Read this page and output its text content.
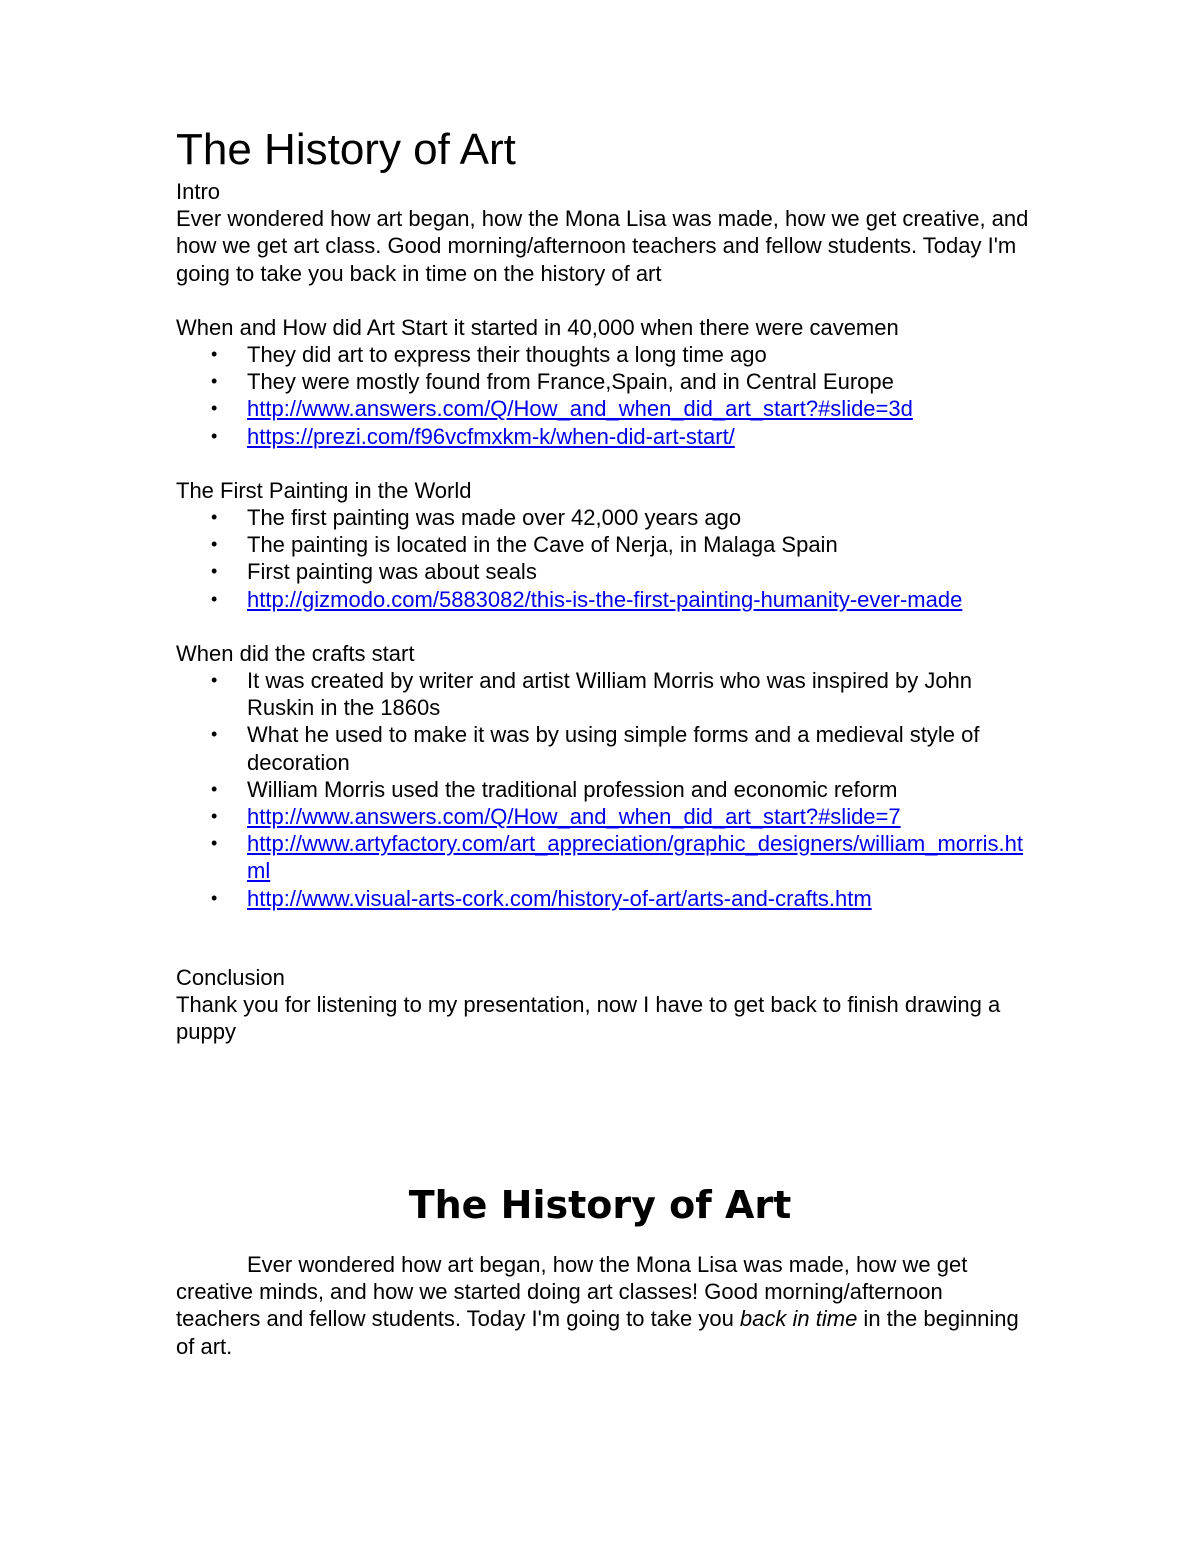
The History of Art

Intro

Ever wondered how art began, how the Mona Lisa was made, how we get creative, and how we get art class. Good morning/afternoon teachers and fellow students. Today I'm going to take you back in time on the history of art

When and How did Art Start it started in 40,000 when there were cavemen

• They did art to express their thoughts a long time ago
• They were mostly found from France,Spain, and in Central Europe
• http://www.answers.com/Q/How_and_when_did_art_start?#slide=3d
• https://prezi.com/f96vcfmxkm-k/when-did-art-start/

The First Painting in the World

• The first painting was made over 42,000 years ago
• The painting is located in the Cave of Nerja, in Malaga Spain
• First painting was about seals
• http://gizmodo.com/5883082/this-is-the-first-painting-humanity-ever-made

When did the crafts start

• It was created by writer and artist William Morris who was inspired by John Ruskin in the 1860s
• What he used to make it was by using simple forms and a medieval style of decoration
• William Morris used the traditional profession and economic reform
• http://www.answers.com/Q/How_and_when_did_art_start?#slide=7
• http://www.artyfactory.com/art_appreciation/graphic_designers/william_morris.html
• http://www.visual-arts-cork.com/history-of-art/arts-and-crafts.htm

Conclusion

Thank you for listening to my presentation, now I have to get back to finish drawing a puppy

The History of Art

Ever wondered how art began, how the Mona Lisa was made, how we get creative minds, and how we started doing art classes! Good morning/afternoon teachers and fellow students. Today I'm going to take you back in time in the beginning of art.
